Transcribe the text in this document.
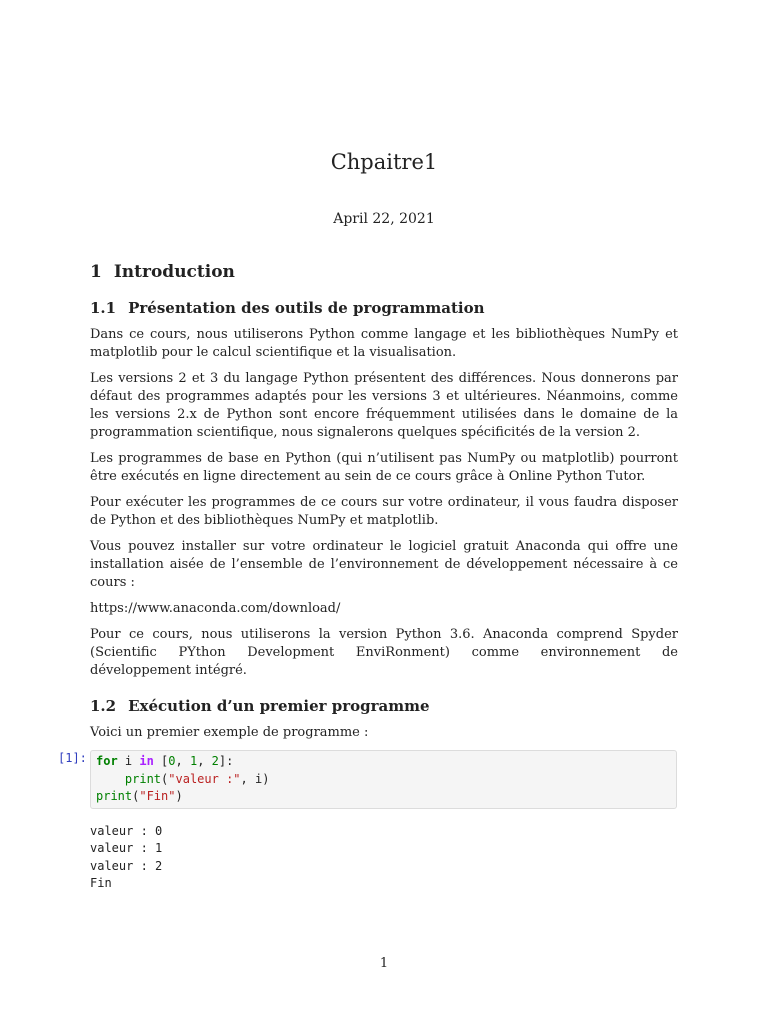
Chpaitre1

April 22, 2021

1 Introduction
1.1 Présentation des outils de programmation

Dans ce cours, nous utiliserons Python comme langage et les bibliothèques NumPy et matplotlib pour le calcul scientifique et la visualisation.

Les versions 2 et 3 du langage Python présentent des différences. Nous donnerons par défaut des programmes adaptés pour les versions 3 et ultérieures. Néanmoins, comme les versions 2.x de Python sont encore fréquemment utilisées dans le domaine de la programmation scientifique, nous signalerons quelques spécificités de la version 2.

Les programmes de base en Python (qui n’utilisent pas NumPy ou matplotlib) pourront être exécutés en ligne directement au sein de ce cours grâce à Online Python Tutor.

Pour exécuter les programmes de ce cours sur votre ordinateur, il vous faudra disposer de Python et des bibliothèques NumPy et matplotlib.

Vous pouvez installer sur votre ordinateur le logiciel gratuit Anaconda qui offre une installation aisée de l’ensemble de l’environnement de développement nécessaire à ce cours :

https://www.anaconda.com/download/

Pour ce cours, nous utiliserons la version Python 3.6. Anaconda comprend Spyder (Scientific PYthon Development EnviRonment) comme environnement de développement intégré.

1.2 Exécution d’un premier programme

Voici un premier exemple de programme :

[1]: for i in [0, 1, 2]:
print("valeur :", i)
print("Fin")
valeur : 0
valeur : 1
valeur : 2
Fin

1
